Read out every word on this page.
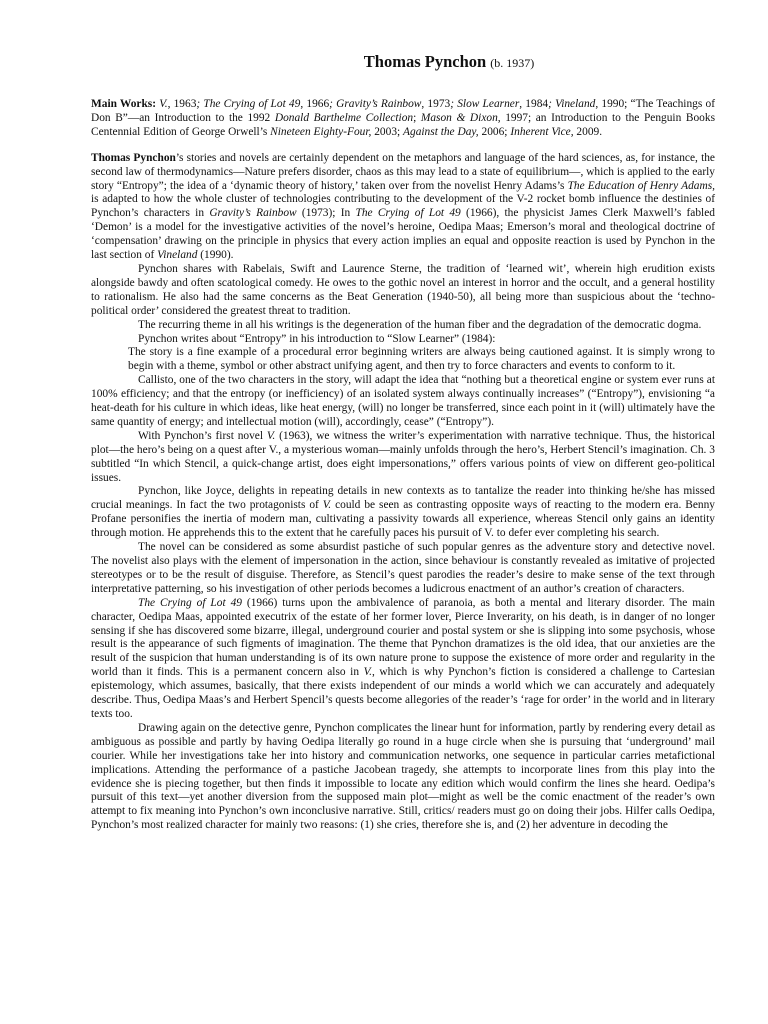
Thomas Pynchon (b. 1937)

Main Works: V., 1963; The Crying of Lot 49, 1966; Gravity’s Rainbow, 1973; Slow Learner, 1984; Vineland, 1990; “The Teachings of Don B”—an Introduction to the 1992 Donald Barthelme Collection; Mason & Dixon, 1997; an Introduction to the Penguin Books Centennial Edition of George Orwell’s Nineteen Eighty-Four, 2003; Against the Day, 2006; Inherent Vice, 2009.

Thomas Pynchon’s stories and novels are certainly dependent on the metaphors and language of the hard sciences, as, for instance, the second law of thermodynamics—Nature prefers disorder, chaos as this may lead to a state of equilibrium—, which is applied to the early story “Entropy”; the idea of a ‘dynamic theory of history,’ taken over from the novelist Henry Adams’s The Education of Henry Adams, is adapted to how the whole cluster of technologies contributing to the development of the V-2 rocket bomb influence the destinies of Pynchon’s characters in Gravity’s Rainbow (1973); In The Crying of Lot 49 (1966), the physicist James Clerk Maxwell’s fabled ‘Demon’ is a model for the investigative activities of the novel’s heroine, Oedipa Maas; Emerson’s moral and theological doctrine of ‘compensation’ drawing on the principle in physics that every action implies an equal and opposite reaction is used by Pynchon in the last section of Vineland (1990).

Pynchon shares with Rabelais, Swift and Laurence Sterne, the tradition of ‘learned wit’, wherein high erudition exists alongside bawdy and often scatological comedy. He owes to the gothic novel an interest in horror and the occult, and a general hostility to rationalism. He also had the same concerns as the Beat Generation (1940-50), all being more than suspicious about the ‘techno-political order’ considered the greatest threat to tradition.

The recurring theme in all his writings is the degeneration of the human fiber and the degradation of the democratic dogma.

Pynchon writes about “Entropy” in his introduction to “Slow Learner” (1984):

The story is a fine example of a procedural error beginning writers are always being cautioned against. It is simply wrong to begin with a theme, symbol or other abstract unifying agent, and then try to force characters and events to conform to it.

Callisto, one of the two characters in the story, will adapt the idea that “nothing but a theoretical engine or system ever runs at 100% efficiency; and that the entropy (or inefficiency) of an isolated system always continually increases” (“Entropy”), envisioning “a heat-death for his culture in which ideas, like heat energy, (will) no longer be transferred, since each point in it (will) ultimately have the same quantity of energy; and intellectual motion (will), accordingly, cease” (“Entropy”).

With Pynchon’s first novel V. (1963), we witness the writer’s experimentation with narrative technique. Thus, the historical plot—the hero’s being on a quest after V., a mysterious woman—mainly unfolds through the hero’s, Herbert Stencil’s imagination. Ch. 3 subtitled “In which Stencil, a quick-change artist, does eight impersonations,” offers various points of view on different geo-political issues.

Pynchon, like Joyce, delights in repeating details in new contexts as to tantalize the reader into thinking he/she has missed crucial meanings. In fact the two protagonists of V. could be seen as contrasting opposite ways of reacting to the modern era. Benny Profane personifies the inertia of modern man, cultivating a passivity towards all experience, whereas Stencil only gains an identity through motion. He apprehends this to the extent that he carefully paces his pursuit of V. to defer ever completing his search.

The novel can be considered as some absurdist pastiche of such popular genres as the adventure story and detective novel. The novelist also plays with the element of impersonation in the action, since behaviour is constantly revealed as imitative of projected stereotypes or to be the result of disguise. Therefore, as Stencil’s quest parodies the reader’s desire to make sense of the text through interpretative patterning, so his investigation of other periods becomes a ludicrous enactment of an author’s creation of characters.

The Crying of Lot 49 (1966) turns upon the ambivalence of paranoia, as both a mental and literary disorder. The main character, Oedipa Maas, appointed executrix of the estate of her former lover, Pierce Inverarity, on his death, is in danger of no longer sensing if she has discovered some bizarre, illegal, underground courier and postal system or she is slipping into some psychosis, whose result is the appearance of such figments of imagination. The theme that Pynchon dramatizes is the old idea, that our anxieties are the result of the suspicion that human understanding is of its own nature prone to suppose the existence of more order and regularity in the world than it finds. This is a permanent concern also in V., which is why Pynchon’s fiction is considered a challenge to Cartesian epistemology, which assumes, basically, that there exists independent of our minds a world which we can accurately and adequately describe. Thus, Oedipa Maas’s and Herbert Spencil’s quests become allegories of the reader’s ‘rage for order’ in the world and in literary texts too.

Drawing again on the detective genre, Pynchon complicates the linear hunt for information, partly by rendering every detail as ambiguous as possible and partly by having Oedipa literally go round in a huge circle when she is pursuing that ‘underground’ mail courier. While her investigations take her into history and communication networks, one sequence in particular carries metafictional implications. Attending the performance of a pastiche Jacobean tragedy, she attempts to incorporate lines from this play into the evidence she is piecing together, but then finds it impossible to locate any edition which would confirm the lines she heard. Oedipa’s pursuit of this text—yet another diversion from the supposed main plot—might as well be the comic enactment of the reader’s own attempt to fix meaning into Pynchon’s own inconclusive narrative. Still, critics/ readers must go on doing their jobs. Hilfer calls Oedipa, Pynchon’s most realized character for mainly two reasons: (1) she cries, therefore she is, and (2) her adventure in decoding the
